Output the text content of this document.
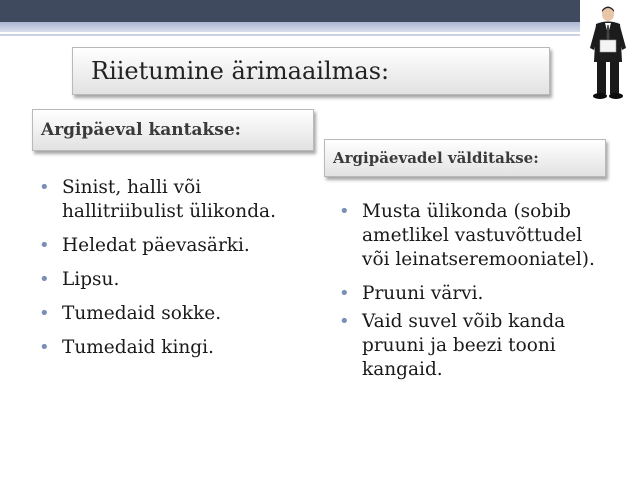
Riietumine ärimaailmas:
Argipäeval kantakse:
Argipäevadel välditakse:
• Sinist, halli või hallitriibulist ülikonda.
• Heledat päevasärki.
• Lipsu.
• Tumedaid sokke.
• Tumedaid kingi.
• Musta ülikonda (sobib ametlikel vastuvõttudel või leinatseremooniatel).
• Pruuni värvi.
• Vaid suvel võib kanda pruuni ja beezi tooni kangaid.
